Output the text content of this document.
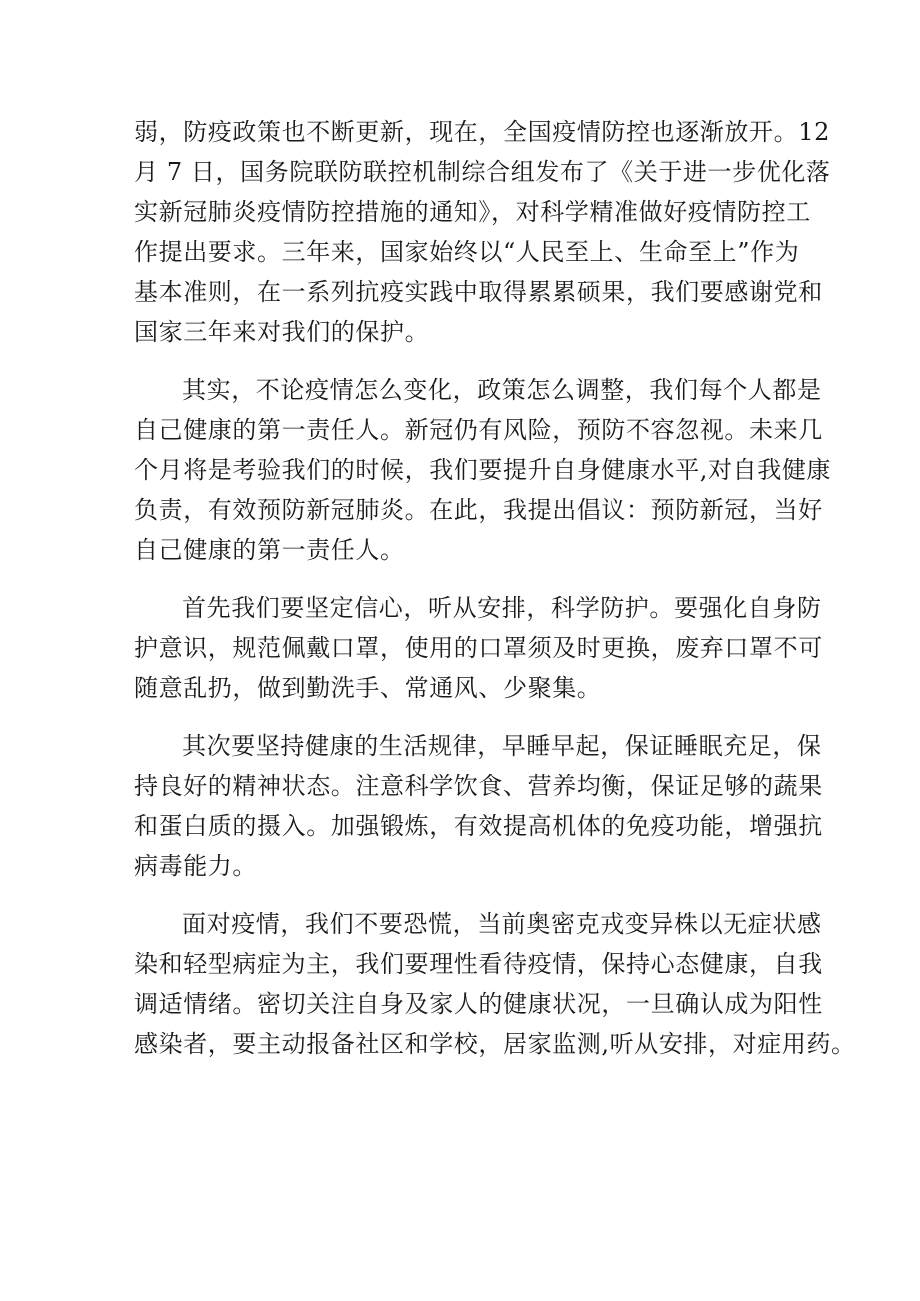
弱，防疫政策也不断更新，现在，全国疫情防控也逐渐放开。12
月 7 日，国务院联防联控机制综合组发布了《关于进一步优化落
实新冠肺炎疫情防控措施的通知》，对科学精准做好疫情防控工
作提出要求。三年来，国家始终以“人民至上、生命至上”作为
基本准则，在一系列抗疫实践中取得累累硕果，我们要感谢党和
国家三年来对我们的保护。

其实，不论疫情怎么变化，政策怎么调整，我们每个人都是
自己健康的第一责任人。新冠仍有风险，预防不容忽视。未来几
个月将是考验我们的时候，我们要提升自身健康水平,对自我健康
负责，有效预防新冠肺炎。在此，我提出倡议：预防新冠，当好
自己健康的第一责任人。

首先我们要坚定信心，听从安排，科学防护。要强化自身防
护意识，规范佩戴口罩，使用的口罩须及时更换，废弃口罩不可
随意乱扔，做到勤洗手、常通风、少聚集。

其次要坚持健康的生活规律，早睡早起，保证睡眠充足，保
持良好的精神状态。注意科学饮食、营养均衡，保证足够的蔬果
和蛋白质的摄入。加强锻炼，有效提高机体的免疫功能，增强抗
病毒能力。

面对疫情，我们不要恐慌，当前奥密克戎变异株以无症状感
染和轻型病症为主，我们要理性看待疫情，保持心态健康，自我
调适情绪。密切关注自身及家人的健康状况，一旦确认成为阳性
感染者，要主动报备社区和学校，居家监测,听从安排，对症用药。
